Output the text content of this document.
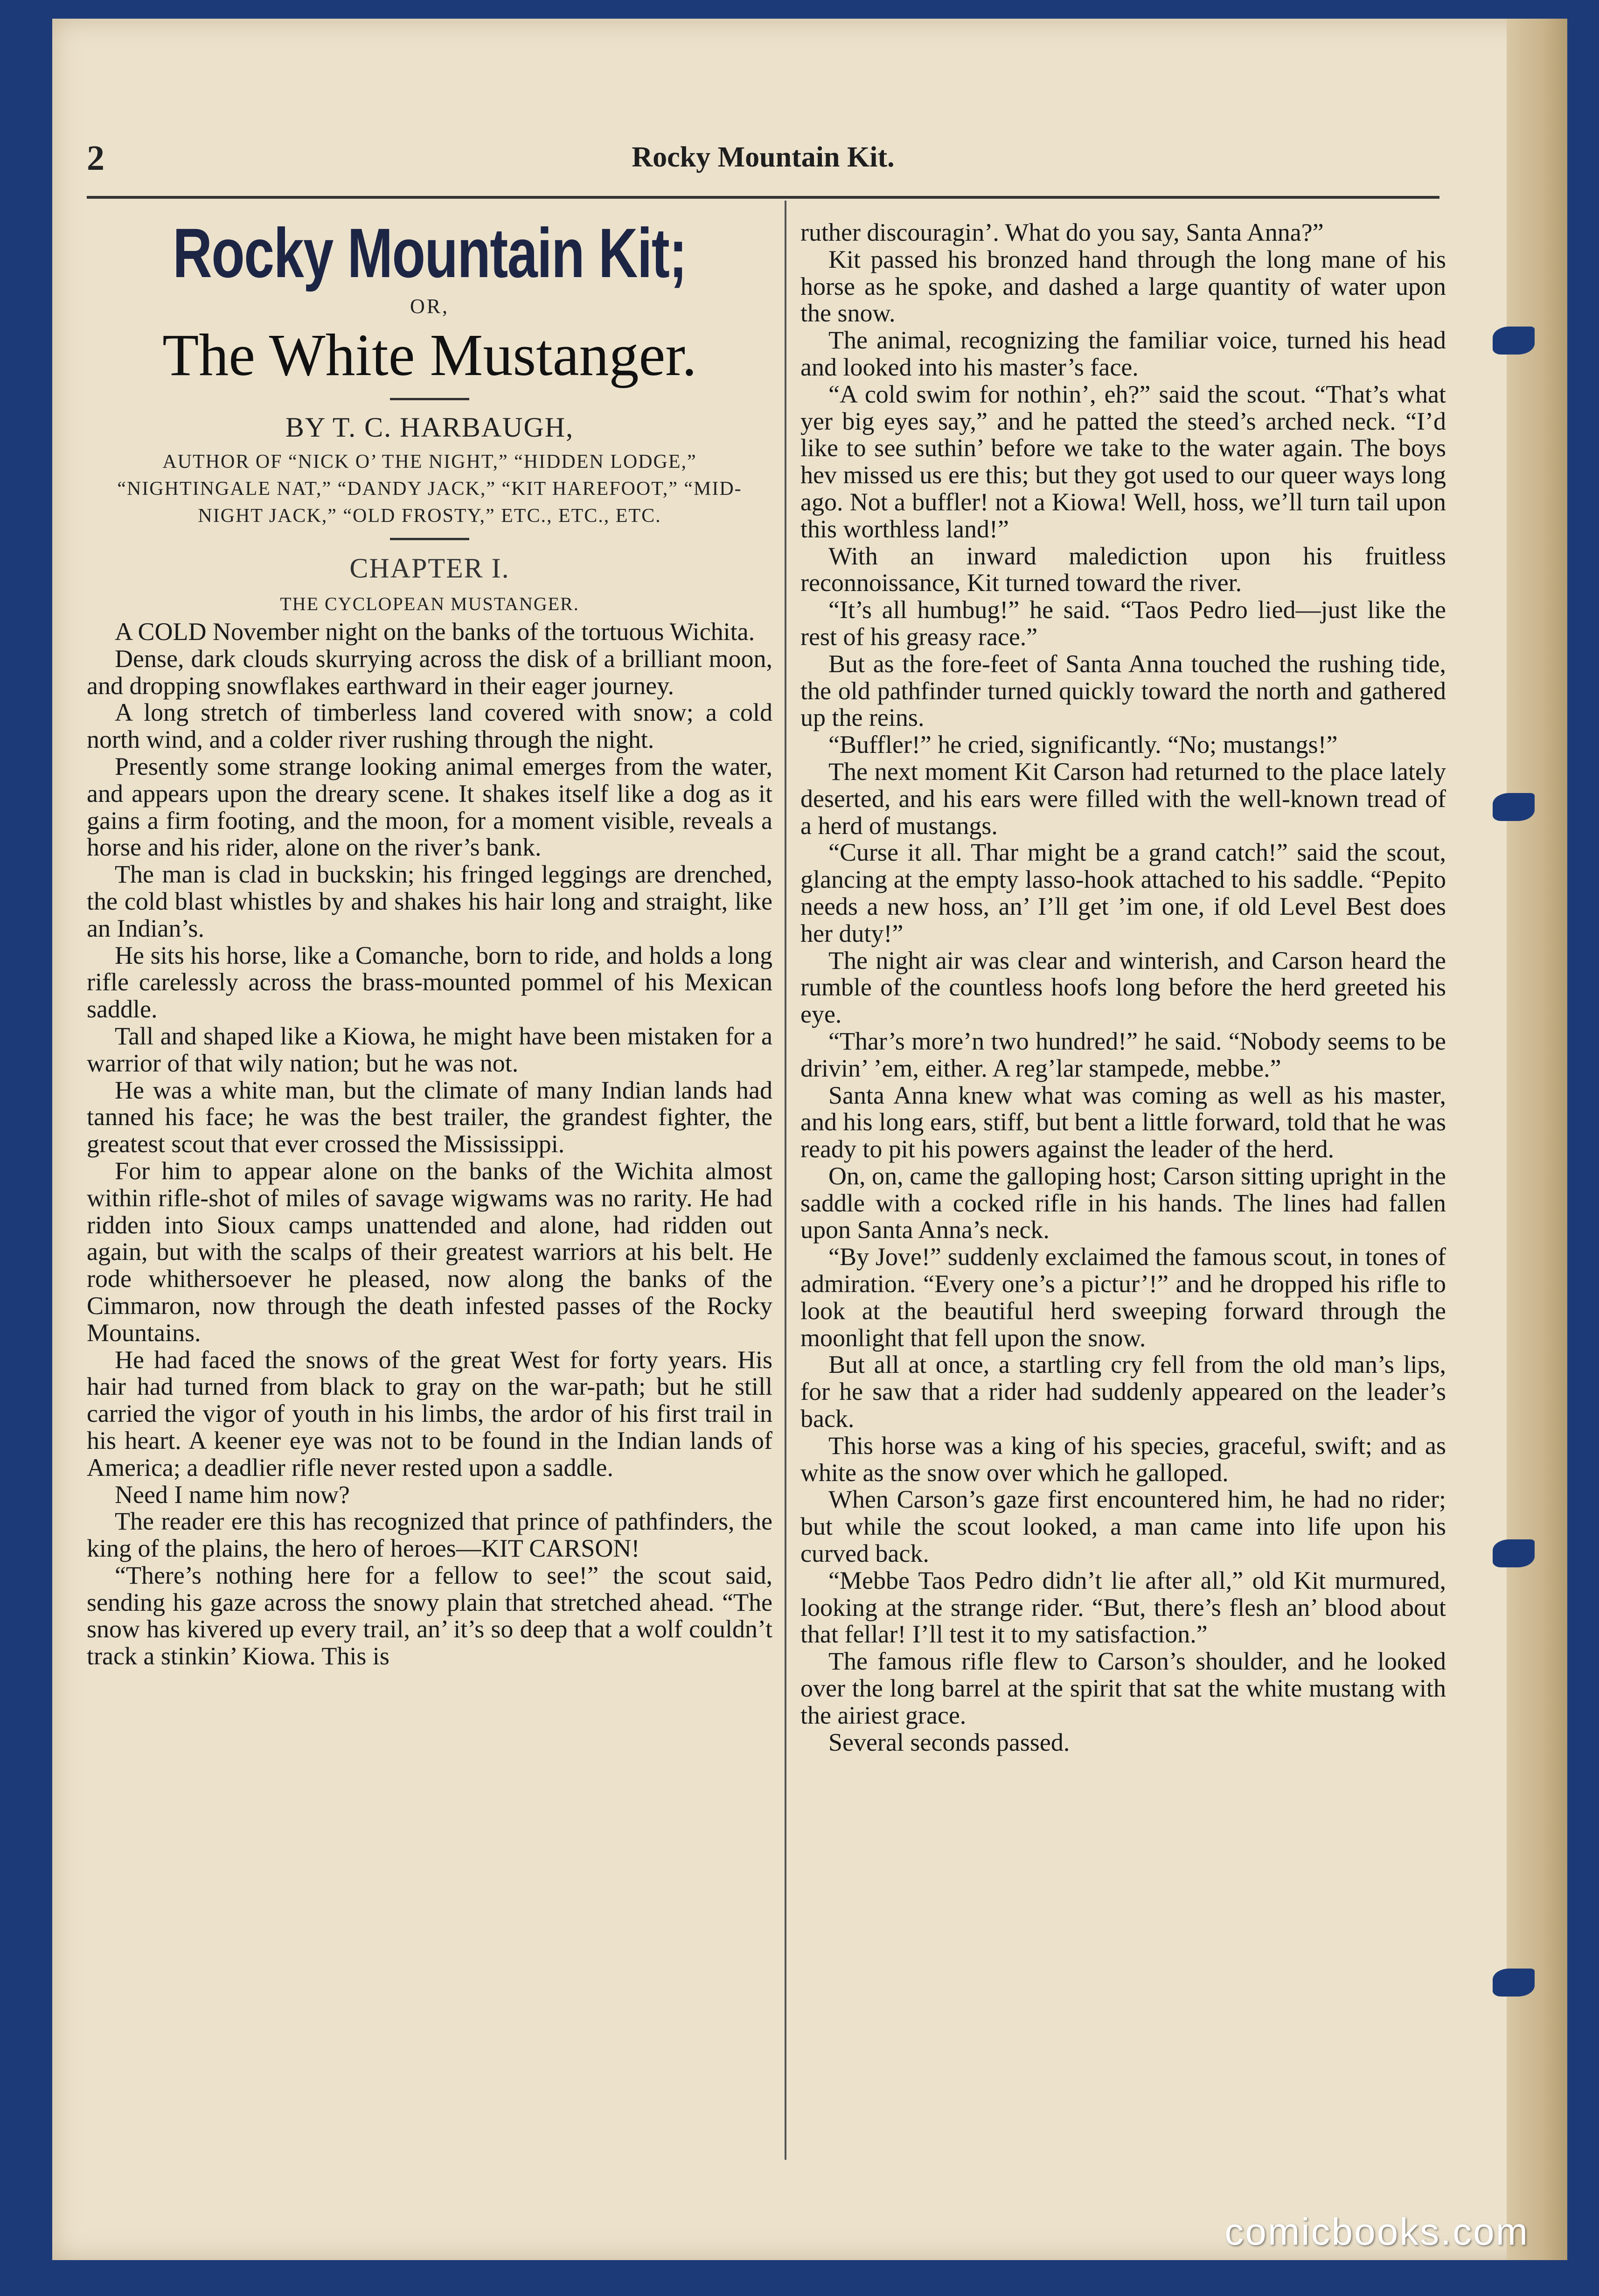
2	Rocky Mountain Kit.
Rocky Mountain Kit;
OR,
The White Mustanger.
BY T. C. HARBAUGH,
AUTHOR OF “NICK O’ THE NIGHT,” “HIDDEN LODGE,” “NIGHTINGALE NAT,” “DANDY JACK,” “KIT HAREFOOT,” “MID-NIGHT JACK,” “OLD FROSTY,” ETC., ETC., ETC.
CHAPTER I.
THE CYCLOPEAN MUSTANGER.

A COLD November night on the banks of the tortuous Wichita.

Dense, dark clouds skurrying across the disk of a brilliant moon, and dropping snowflakes earthward in their eager journey.

A long stretch of timberless land covered with snow; a cold north wind, and a colder river rushing through the night.

Presently some strange looking animal emerges from the water, and appears upon the dreary scene. It shakes itself like a dog as it gains a firm footing, and the moon, for a moment visible, reveals a horse and his rider, alone on the river’s bank.

The man is clad in buckskin; his fringed leggings are drenched, the cold blast whistles by and shakes his hair long and straight, like an Indian’s.

He sits his horse, like a Comanche, born to ride, and holds a long rifle carelessly across the brass-mounted pommel of his Mexican saddle.

Tall and shaped like a Kiowa, he might have been mistaken for a warrior of that wily nation; but he was not.

He was a white man, but the climate of many Indian lands had tanned his face; he was the best trailer, the grandest fighter, the greatest scout that ever crossed the Mississippi.

For him to appear alone on the banks of the Wichita almost within rifle-shot of miles of savage wigwams was no rarity. He had ridden into Sioux camps unattended and alone, had ridden out again, but with the scalps of their greatest warriors at his belt. He rode whithersoever he pleased, now along the banks of the Cimmaron, now through the death infested passes of the Rocky Mountains.

He had faced the snows of the great West for forty years. His hair had turned from black to gray on the war-path; but he still carried the vigor of youth in his limbs, the ardor of his first trail in his heart. A keener eye was not to be found in the Indian lands of America; a deadlier rifle never rested upon a saddle.

Need I name him now?

The reader ere this has recognized that prince of pathfinders, the king of the plains, the hero of heroes—KIT CARSON!

“There’s nothing here for a fellow to see!” the scout said, sending his gaze across the snowy plain that stretched ahead. “The snow has kivered up every trail, an’ it’s so deep that a wolf couldn’t track a stinkin’ Kiowa. This is

ruther discouragin’. What do you say, Santa Anna?”

Kit passed his bronzed hand through the long mane of his horse as he spoke, and dashed a large quantity of water upon the snow.

The animal, recognizing the familiar voice, turned his head and looked into his master’s face.

“A cold swim for nothin’, eh?” said the scout. “That’s what yer big eyes say,” and he patted the steed’s arched neck. “I’d like to see suthin’ before we take to the water again. The boys hev missed us ere this; but they got used to our queer ways long ago. Not a buffler! not a Kiowa! Well, hoss, we’ll turn tail upon this worthless land!”

With an inward malediction upon his fruitless reconnoissance, Kit turned toward the river.

“It’s all humbug!” he said. “Taos Pedro lied—just like the rest of his greasy race.”

But as the fore-feet of Santa Anna touched the rushing tide, the old pathfinder turned quickly toward the north and gathered up the reins.

“Buffler!” he cried, significantly. “No; mustangs!”

The next moment Kit Carson had returned to the place lately deserted, and his ears were filled with the well-known tread of a herd of mustangs.

“Curse it all. Thar might be a grand catch!” said the scout, glancing at the empty lasso-hook attached to his saddle. “Pepito needs a new hoss, an’ I’ll get ’im one, if old Level Best does her duty!”

The night air was clear and winterish, and Carson heard the rumble of the countless hoofs long before the herd greeted his eye.

“Thar’s more’n two hundred!” he said. “Nobody seems to be drivin’ ’em, either. A reg’lar stampede, mebbe.”

Santa Anna knew what was coming as well as his master, and his long ears, stiff, but bent a little forward, told that he was ready to pit his powers against the leader of the herd.

On, on, came the galloping host; Carson sitting upright in the saddle with a cocked rifle in his hands. The lines had fallen upon Santa Anna’s neck.

“By Jove!” suddenly exclaimed the famous scout, in tones of admiration. “Every one’s a pictur’!” and he dropped his rifle to look at the beautiful herd sweeping forward through the moonlight that fell upon the snow.

But all at once, a startling cry fell from the old man’s lips, for he saw that a rider had suddenly appeared on the leader’s back.

This horse was a king of his species, graceful, swift; and as white as the snow over which he galloped.

When Carson’s gaze first encountered him, he had no rider; but while the scout looked, a man came into life upon his curved back.

“Mebbe Taos Pedro didn’t lie after all,” old Kit murmured, looking at the strange rider. “But, there’s flesh an’ blood about that fellar! I’ll test it to my satisfaction.”

The famous rifle flew to Carson’s shoulder, and he looked over the long barrel at the spirit that sat the white mustang with the airiest grace.

Several seconds passed.

comicbooks.com
